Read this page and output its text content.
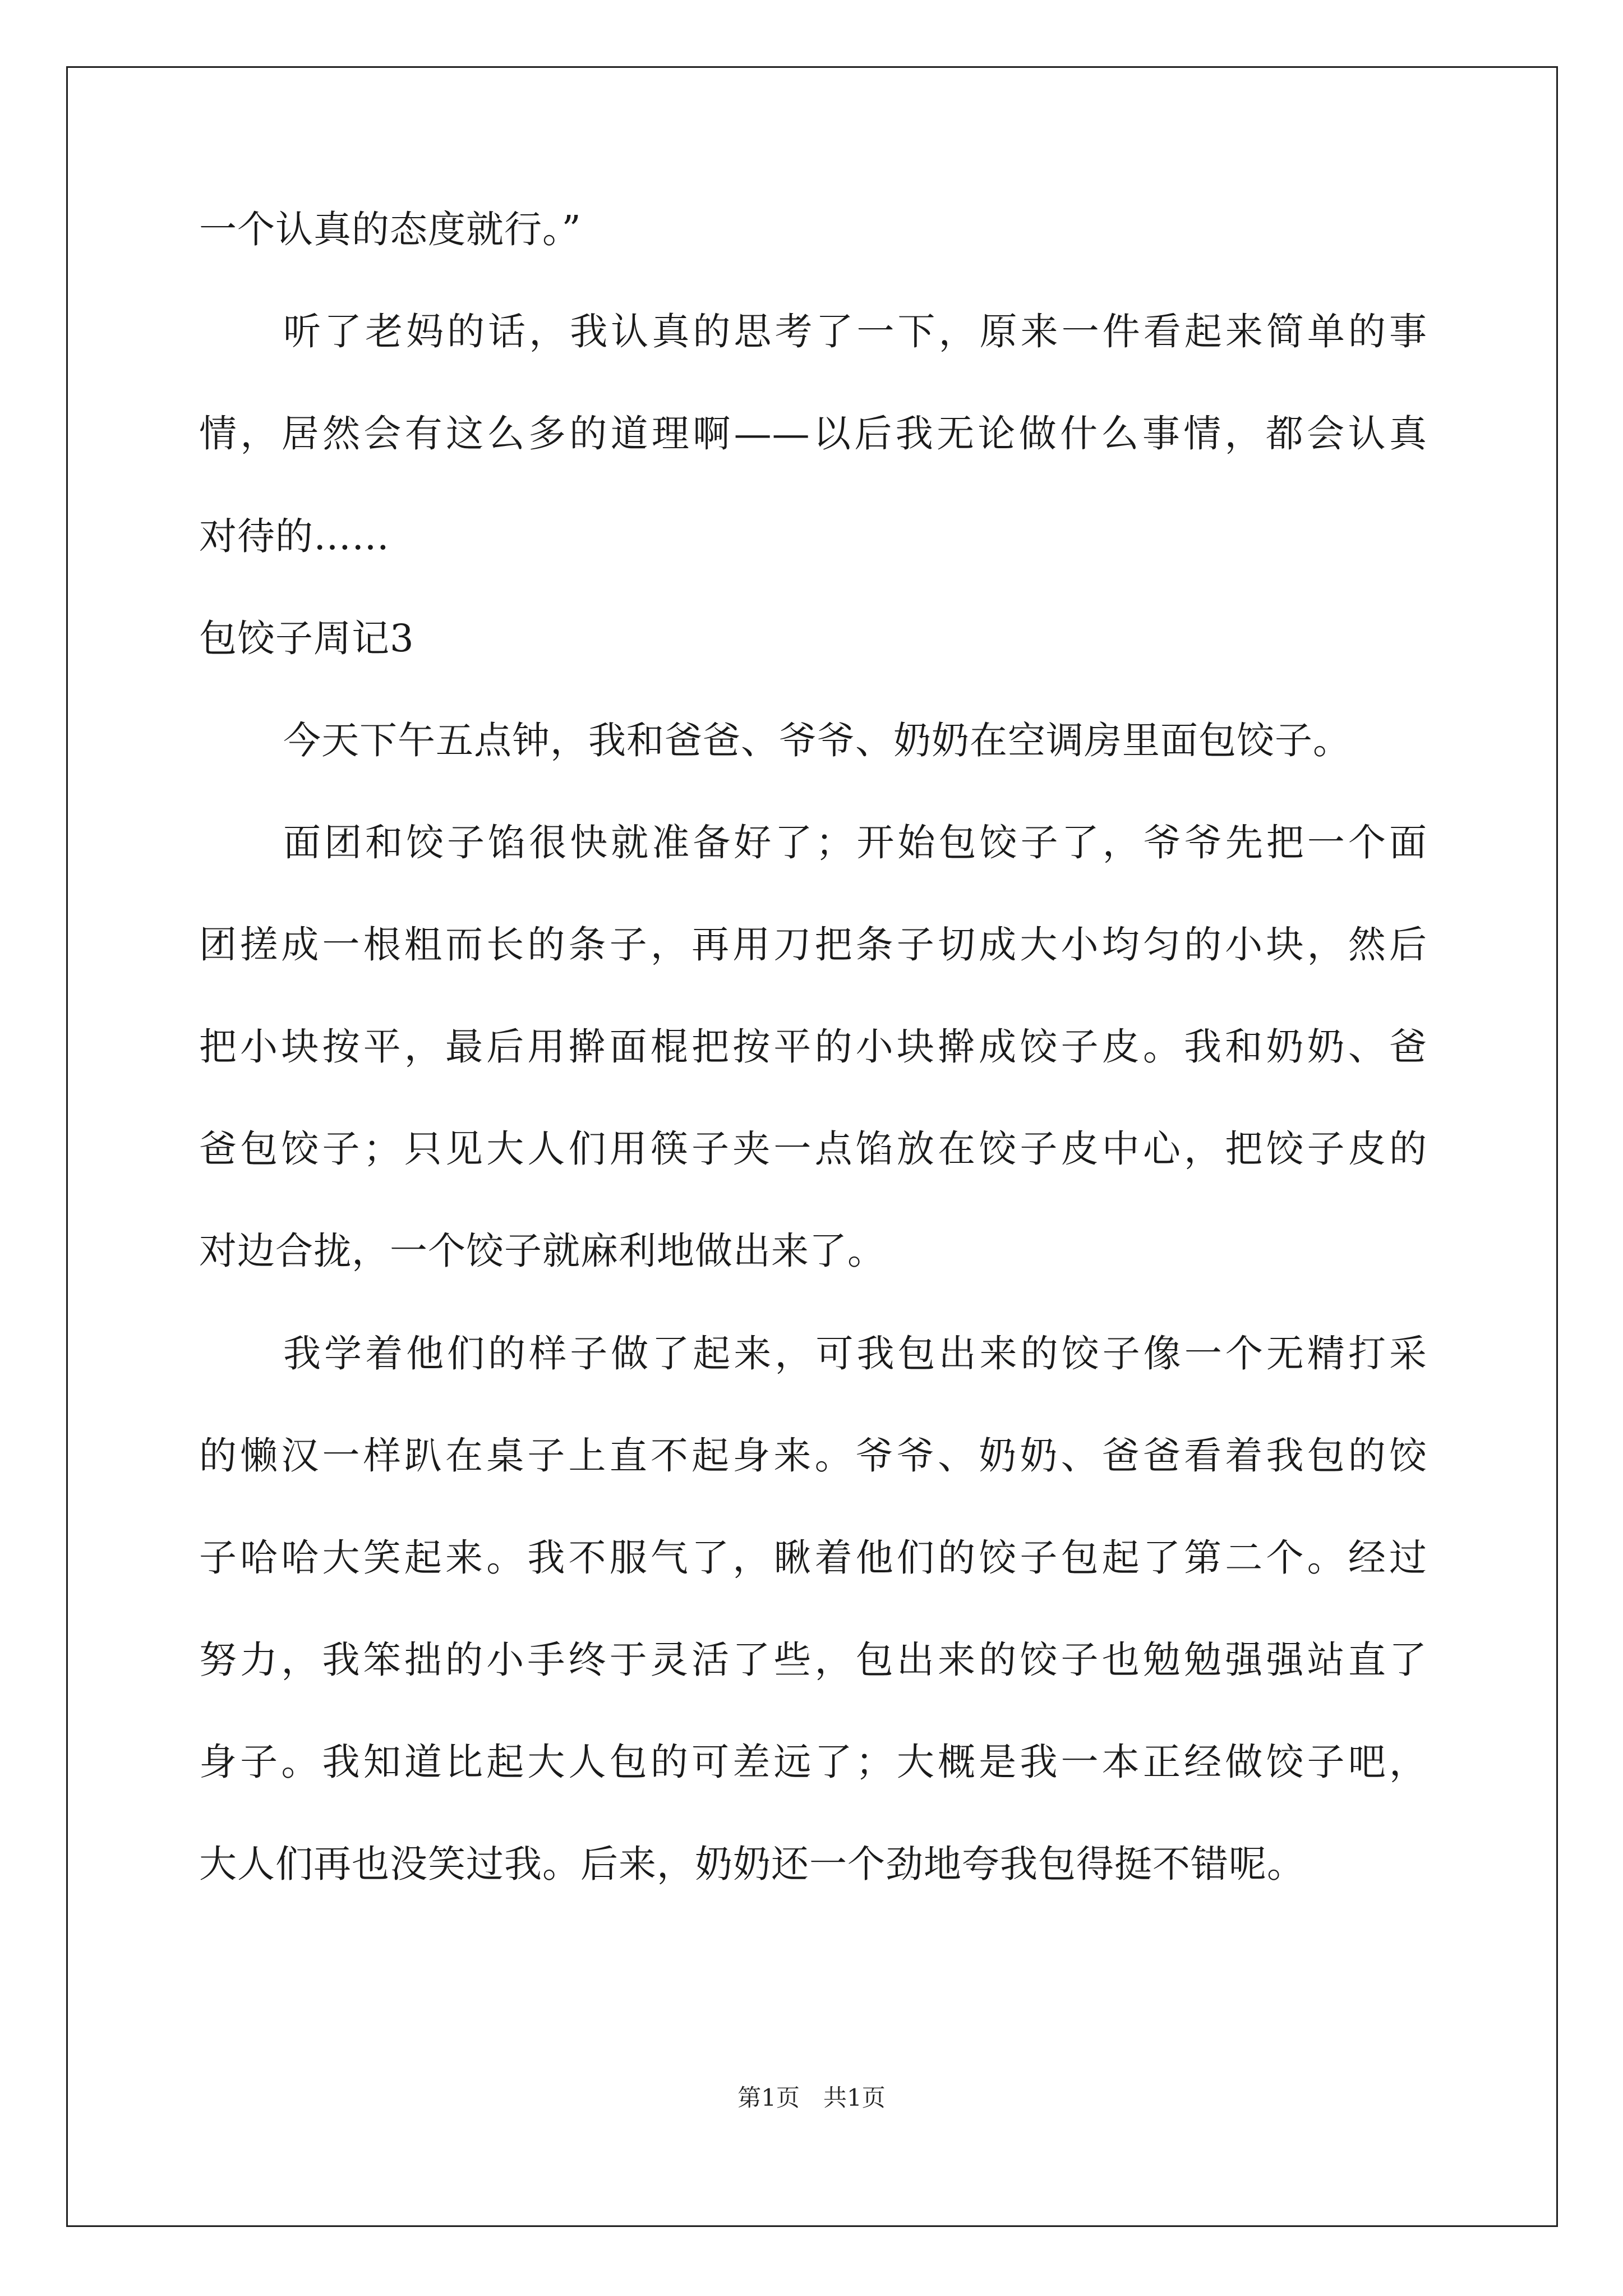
一个认真的态度就行。”
听了老妈的话，我认真的思考了一下，原来一件看起来简单的事
情，居然会有这么多的道理啊——以后我无论做什么事情，都会认真
对待的……
包饺子周记3
今天下午五点钟，我和爸爸、爷爷、奶奶在空调房里面包饺子。
面团和饺子馅很快就准备好了；开始包饺子了，爷爷先把一个面
团搓成一根粗而长的条子，再用刀把条子切成大小均匀的小块，然后
把小块按平，最后用擀面棍把按平的小块擀成饺子皮。我和奶奶、爸
爸包饺子；只见大人们用筷子夹一点馅放在饺子皮中心，把饺子皮的
对边合拢，一个饺子就麻利地做出来了。
我学着他们的样子做了起来，可我包出来的饺子像一个无精打采
的懒汉一样趴在桌子上直不起身来。爷爷、奶奶、爸爸看着我包的饺
子哈哈大笑起来。我不服气了，瞅着他们的饺子包起了第二个。经过
努力，我笨拙的小手终于灵活了些，包出来的饺子也勉勉强强站直了
身子。我知道比起大人包的可差远了；大概是我一本正经做饺子吧，
大人们再也没笑过我。后来，奶奶还一个劲地夸我包得挺不错呢。
第1页　共1页
